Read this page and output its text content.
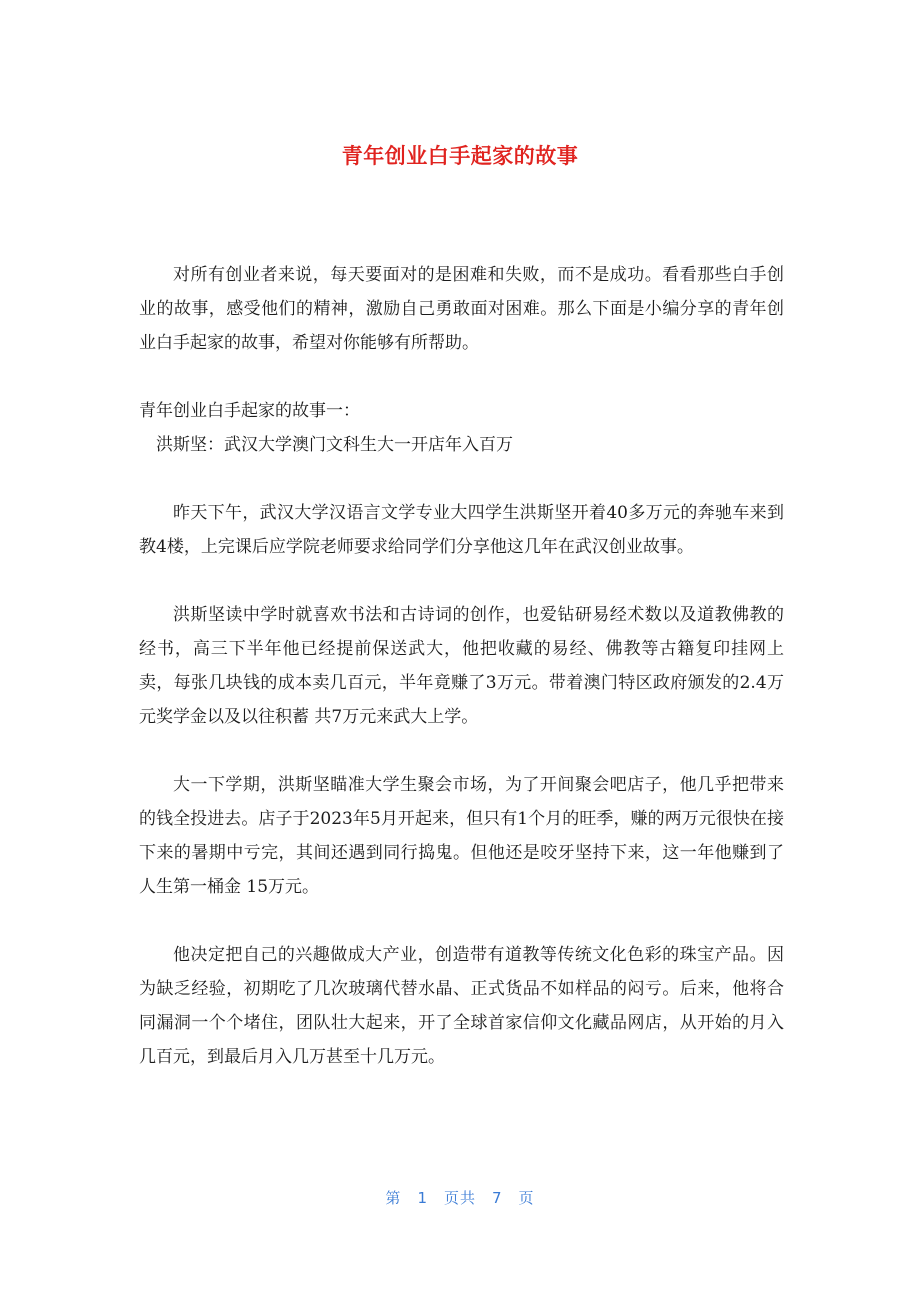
青年创业白手起家的故事

对所有创业者来说，每天要面对的是困难和失败，而不是成功。看看那些白手创业的故事，感受他们的精神，激励自己勇敢面对困难。那么下面是小编分享的青年创业白手起家的故事，希望对你能够有所帮助。

青年创业白手起家的故事一：

洪斯坚：武汉大学澳门文科生大一开店年入百万

昨天下午，武汉大学汉语言文学专业大四学生洪斯坚开着40多万元的奔驰车来到教4楼，上完课后应学院老师要求给同学们分享他这几年在武汉创业故事。

洪斯坚读中学时就喜欢书法和古诗词的创作，也爱钻研易经术数以及道教佛教的经书，高三下半年他已经提前保送武大，他把收藏的易经、佛教等古籍复印挂网上卖，每张几块钱的成本卖几百元，半年竟赚了3万元。带着澳门特区政府颁发的2.4万元奖学金以及以往积蓄 共7万元来武大上学。

大一下学期，洪斯坚瞄准大学生聚会市场，为了开间聚会吧店子，他几乎把带来的钱全投进去。店子于2023年5月开起来，但只有1个月的旺季，赚的两万元很快在接下来的暑期中亏完，其间还遇到同行捣鬼。但他还是咬牙坚持下来，这一年他赚到了人生第一桶金 15万元。

他决定把自己的兴趣做成大产业，创造带有道教等传统文化色彩的珠宝产品。因为缺乏经验，初期吃了几次玻璃代替水晶、正式货品不如样品的闷亏。后来，他将合同漏洞一个个堵住，团队壮大起来，开了全球首家信仰文化藏品网店，从开始的月入几百元，到最后月入几万甚至十几万元。

第 1 页共 7 页
